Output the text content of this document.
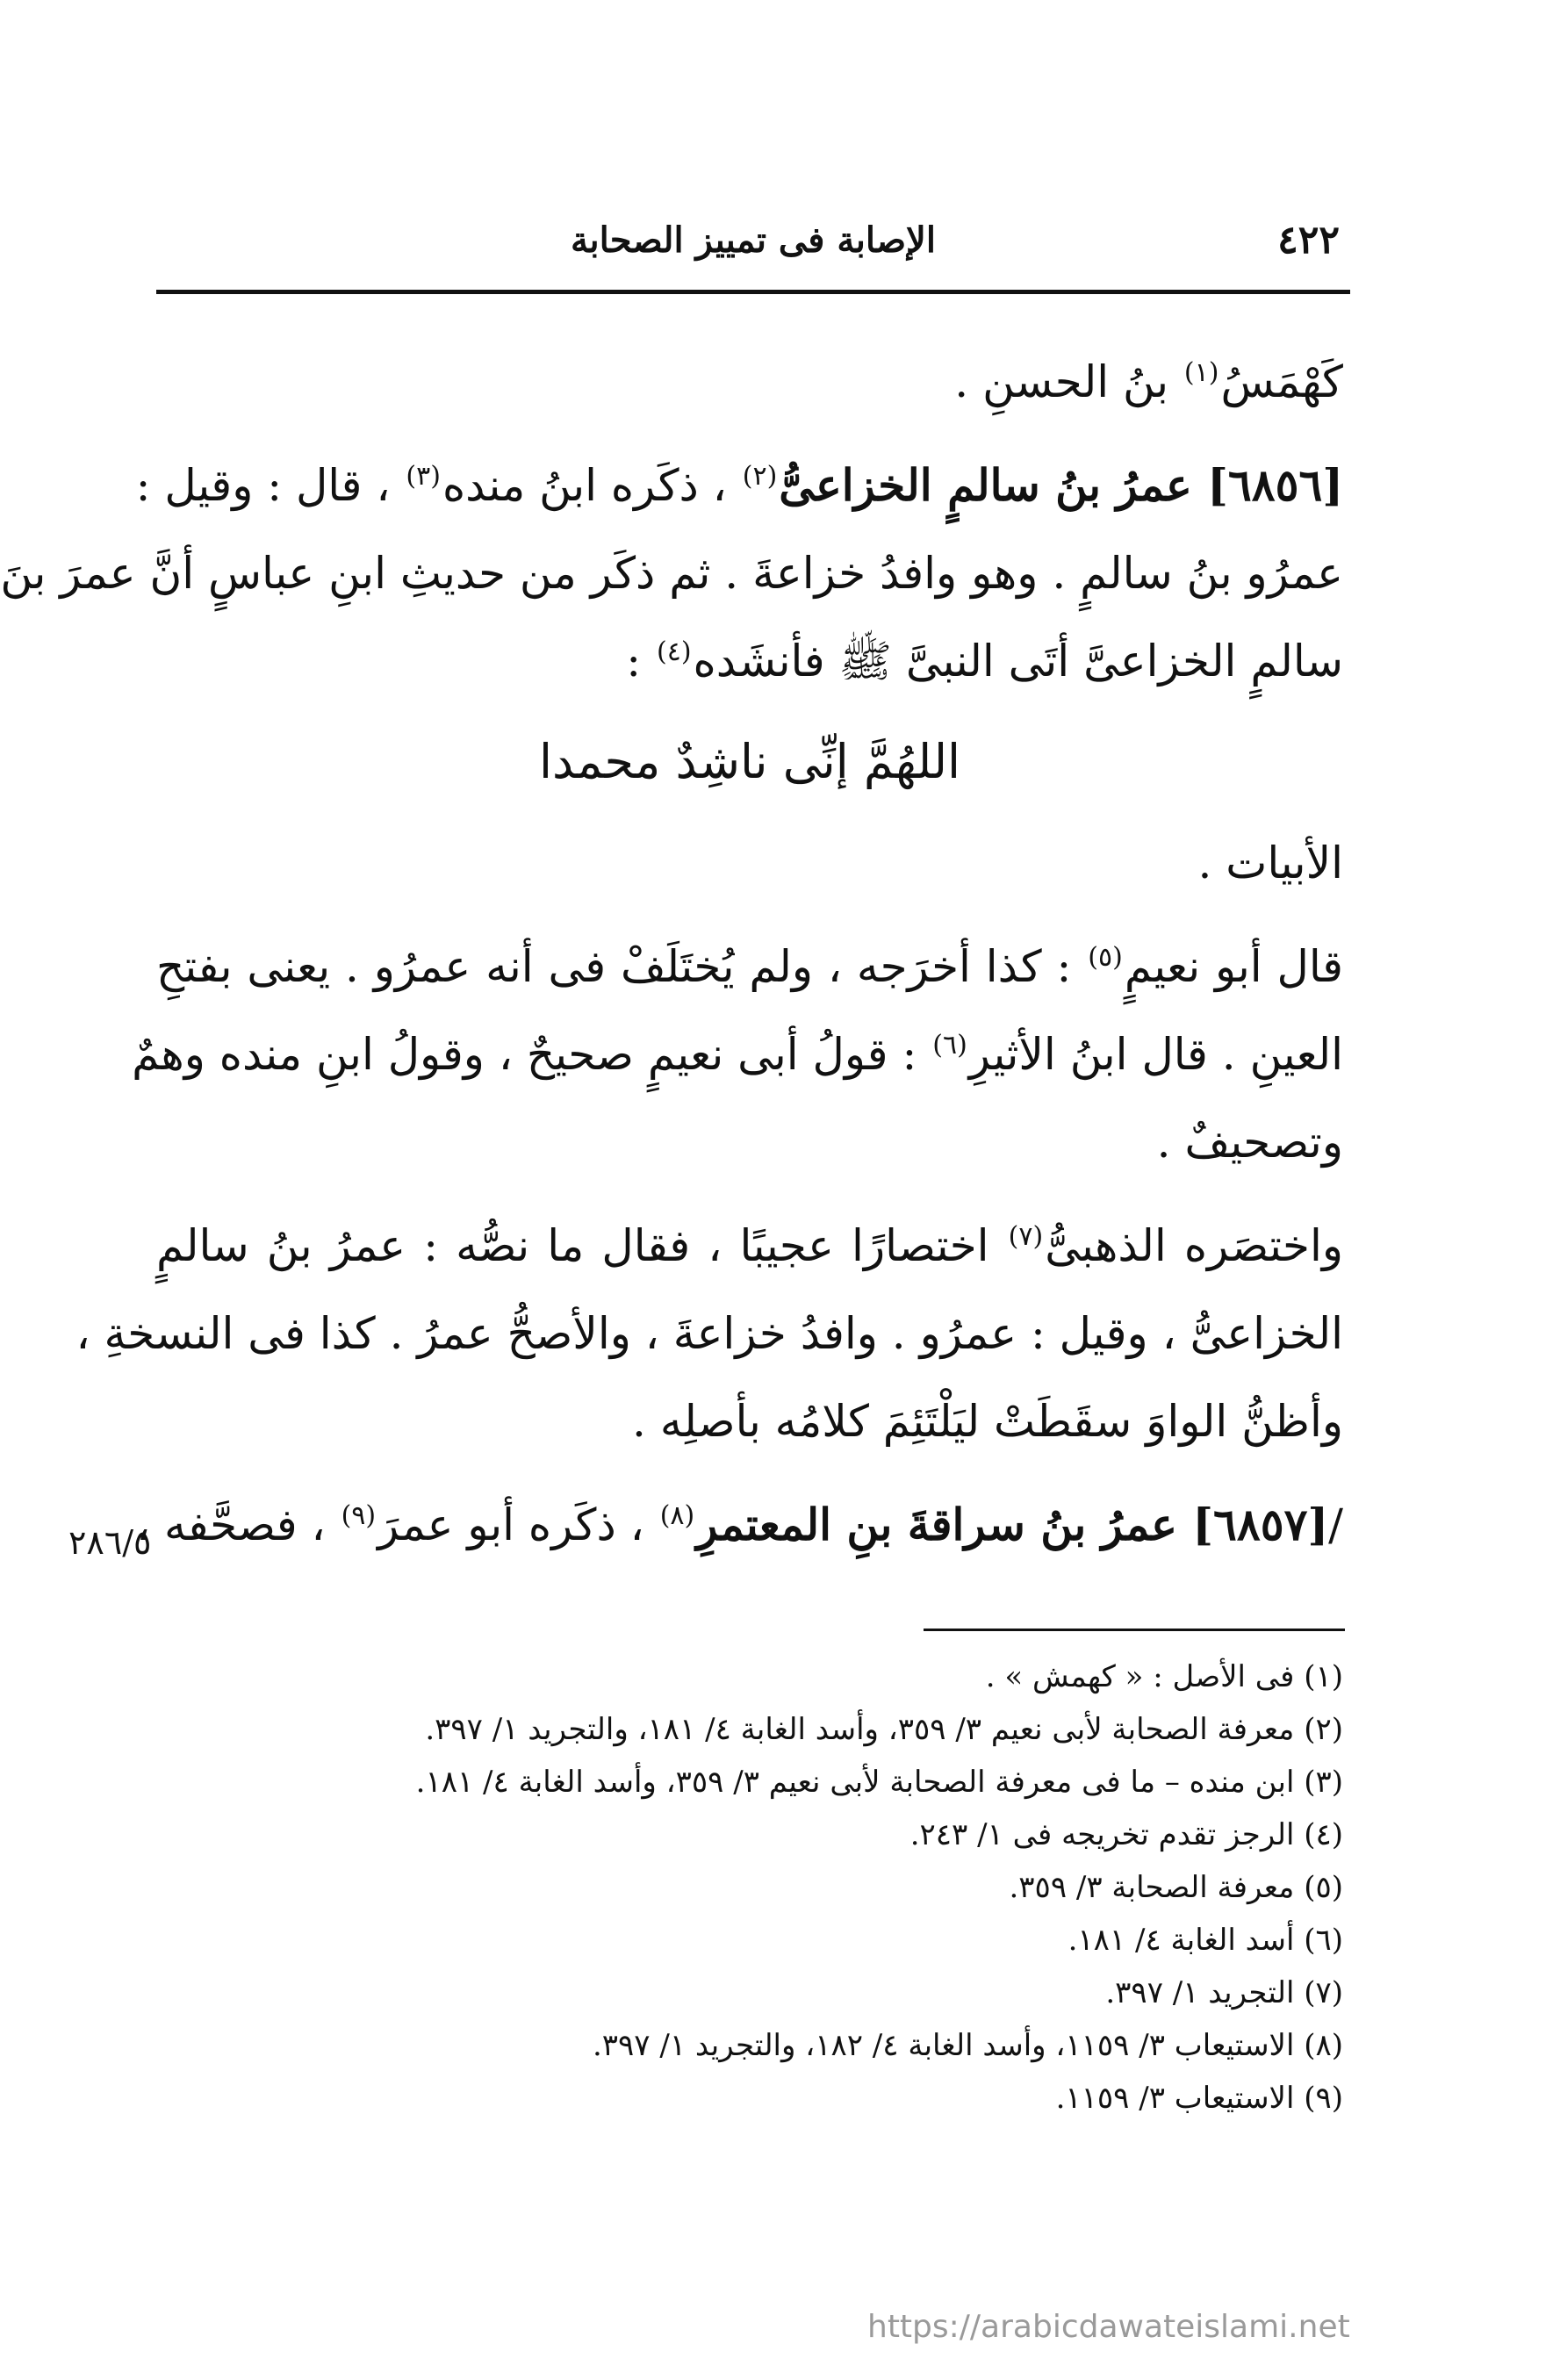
٤٢٢
الإصابة فى تمييز الصحابة
كَهْمَسُ$^{(١)}$ بنُ الحسنِ .
[٦٨٥٦] عمرُ بنُ سالمٍ الخزاعىُّ$^{(٢)}$ ، ذكَره ابنُ منده$^{(٣)}$ ، قال : وقيل :
عمرُو بنُ سالمٍ . وهو وافدُ خزاعةَ . ثم ذكَر من حديثِ ابنِ عباسٍ أنَّ عمرَ بنَ
سالمٍ الخزاعىَّ أتَى النبىَّ ﷺ فأنشَده$^{(٤)}$ :
اللهُمَّ إنِّى ناشِدٌ محمدا
الأبيات .
قال أبو نعيمٍ$^{(٥)}$ : كذا أخرَجه ، ولم يُختَلَفْ فى أنه عمرُو . يعنى بفتحِ
العينِ . قال ابنُ الأثيرِ$^{(٦)}$ : قولُ أبى نعيمٍ صحيحٌ ، وقولُ ابنِ منده وهمٌ
وتصحيفٌ .
واختصَره الذهبىُّ$^{(٧)}$ اختصارًا عجيبًا ، فقال ما نصُّه : عمرُ بنُ سالمٍ
الخزاعىُّ ، وقيل : عمرُو . وافدُ خزاعةَ ، والأصحُّ عمرُ . كذا فى النسخةِ ،
وأظنُّ الواوَ سقَطَتْ ليَلْتَئِمَ كلامُه بأصلِه .
/[٦٨٥٧] عمرُ بنُ سراقةَ بنِ المعتمرِ$^{(٨)}$ ، ذكَره أبو عمرَ$^{(٩)}$ ، فصحَّفه ،
٢٨٦/٥
(١) فى الأصل : « كهمش » .
(٢) معرفة الصحابة لأبى نعيم ٣/ ٣٥٩، وأسد الغابة ٤/ ١٨١، والتجريد ١/ ٣٩٧.
(٣) ابن منده – ما فى معرفة الصحابة لأبى نعيم ٣/ ٣٥٩، وأسد الغابة ٤/ ١٨١.
(٤) الرجز تقدم تخريجه فى ١/ ٢٤٣.
(٥) معرفة الصحابة ٣/ ٣٥٩.
(٦) أسد الغابة ٤/ ١٨١.
(٧) التجريد ١/ ٣٩٧.
(٨) الاستيعاب ٣/ ١١٥٩، وأسد الغابة ٤/ ١٨٢، والتجريد ١/ ٣٩٧.
(٩) الاستيعاب ٣/ ١١٥٩.
https://arabicdawateislami.net
